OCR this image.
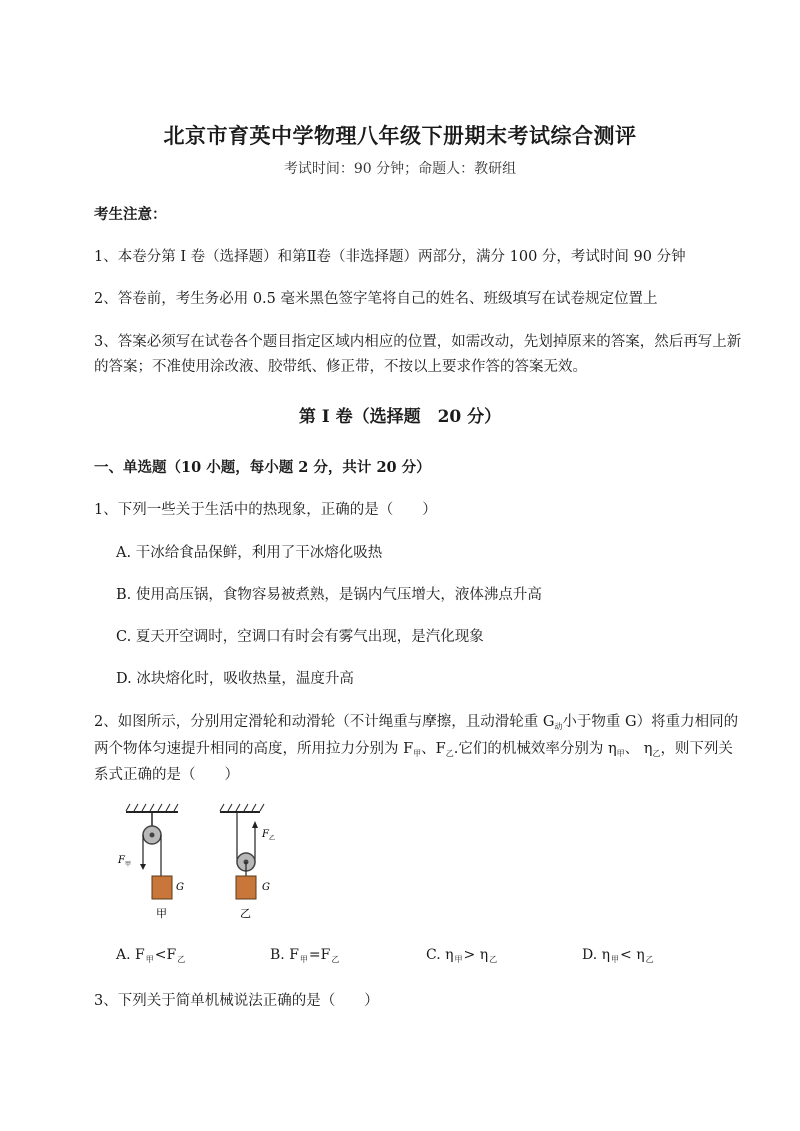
北京市育英中学物理八年级下册期末考试综合测评
考试时间：90 分钟；命题人：教研组
考生注意：
1、本卷分第 I 卷（选择题）和第Ⅱ卷（非选择题）两部分，满分 100 分，考试时间 90 分钟
2、答卷前，考生务必用 0.5 毫米黑色签字笔将自己的姓名、班级填写在试卷规定位置上
3、答案必须写在试卷各个题目指定区域内相应的位置，如需改动，先划掉原来的答案，然后再写上新
的答案；不准使用涂改液、胶带纸、修正带，不按以上要求作答的答案无效。
第 I 卷（选择题　20 分）
一、单选题（10 小题，每小题 2 分，共计 20 分）
1、下列一些关于生活中的热现象，正确的是（　　）
A. 干冰给食品保鲜，利用了干冰熔化吸热
B. 使用高压锅，食物容易被煮熟，是锅内气压增大，液体沸点升高
C. 夏天开空调时，空调口有时会有雾气出现，是汽化现象
D. 冰块熔化时，吸收热量，温度升高
2、如图所示，分别用定滑轮和动滑轮（不计绳重与摩擦，且动滑轮重 $G_动$小于物重 G）将重力相同的
两个物体匀速提升相同的高度，所用拉力分别为 $F_甲$、$F_乙$.它们的机械效率分别为 $\eta_甲$、 $\eta_乙$，则下列关
系式正确的是（　　）
F 甲
G
甲
F 乙
G
乙
A. $F_甲<F_乙$	B. $F_甲=F_乙$	C. $\eta_甲> \eta_乙$	D. $\eta_甲< \eta_乙$
3、下列关于简单机械说法正确的是（　　）
